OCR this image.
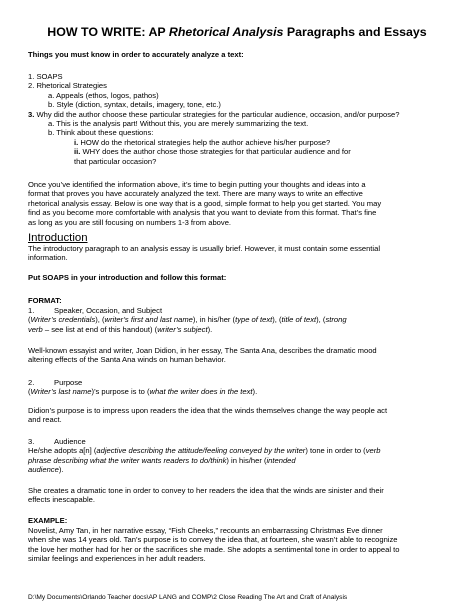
HOW TO WRITE: AP Rhetorical Analysis Paragraphs and Essays
Things you must know in order to accurately analyze a text:
1. SOAPS
2. Rhetorical Strategies
a. Appeals (ethos, logos, pathos)
b. Style (diction, syntax, details, imagery, tone, etc.)
3. Why did the author choose these particular strategies for the particular audience, occasion, and/or purpose?
a. This is the analysis part! Without this, you are merely summarizing the text.
b. Think about these questions:
i. HOW do the rhetorical strategies help the author achieve his/her purpose?
ii. WHY does the author chose those strategies for that particular audience and for
that particular occasion?
Once you’ve identified the information above, it’s time to begin putting your thoughts and ideas into a
format that proves you have accurately analyzed the text. There are many ways to write an effective
rhetorical analysis essay. Below is one way that is a good, simple format to help you get started. You may
find as you become more comfortable with analysis that you want to deviate from this format. That’s fine
as long as you are still focusing on numbers 1-3 from above.
Introduction
The introductory paragraph to an analysis essay is usually brief. However, it must contain some essential
information.
Put SOAPS in your introduction and follow this format:
FORMAT:
1.	Speaker, Occasion, and Subject
(Writer’s credentials), (writer’s first and last name), in his/her (type of text), (title of text), (strong
verb – see list at end of this handout) (writer’s subject).
Well-known essayist and writer, Joan Didion, in her essay, The Santa Ana, describes the dramatic mood
altering effects of the Santa Ana winds on human behavior.
2.	Purpose
(Writer’s last name)’s purpose is to (what the writer does in the text).
Didion’s purpose is to impress upon readers the idea that the winds themselves change the way people act
and react.
3.	Audience
He/she adopts a[n] (adjective describing the attitude/feeling conveyed by the writer) tone in order to (verb
phrase describing what the writer wants readers to do/think) in his/her (intended
audience).
She creates a dramatic tone in order to convey to her readers the idea that the winds are sinister and their
effects inescapable.
EXAMPLE:
Novelist, Amy Tan, in her narrative essay, “Fish Cheeks,” recounts an embarrassing Christmas Eve dinner
when she was 14 years old. Tan’s purpose is to convey the idea that, at fourteen, she wasn’t able to recognize
the love her mother had for her or the sacrifices she made. She adopts a sentimental tone in order to appeal to
similar feelings and experiences in her adult readers.
D:\My Documents\Orlando Teacher docs\AP LANG and COMP\2 Close Reading The Art and Craft of Analysis
